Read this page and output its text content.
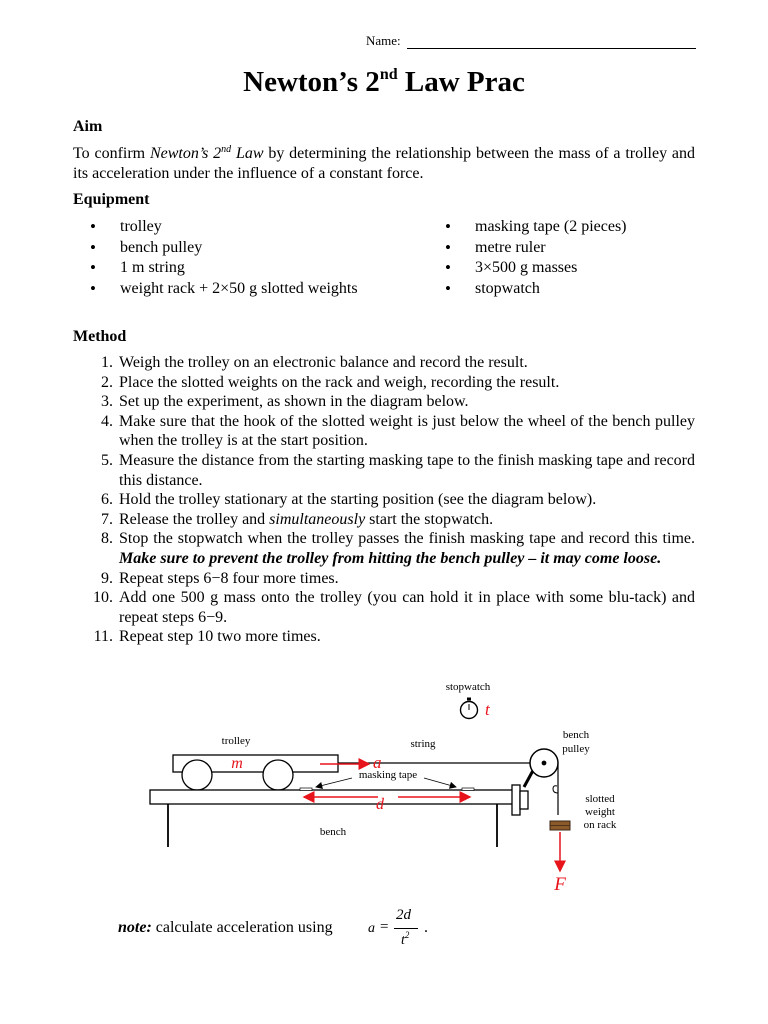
Name:
Newton’s 2nd Law Prac
Aim
To confirm Newton’s 2nd Law by determining the relationship between the mass of a trolley and its acceleration under the influence of a constant force.
Equipment
• trolley
• bench pulley
• 1 m string
• weight rack + 2×50 g slotted weights
• masking tape (2 pieces)
• metre ruler
• 3×500 g masses
• stopwatch
Method
1. Weigh the trolley on an electronic balance and record the result.
2. Place the slotted weights on the rack and weigh, recording the result.
3. Set up the experiment, as shown in the diagram below.
4. Make sure that the hook of the slotted weight is just below the wheel of the bench pulley when the trolley is at the start position.
5. Measure the distance from the starting masking tape to the finish masking tape and record this distance.
6. Hold the trolley stationary at the starting position (see the diagram below).
7. Release the trolley and simultaneously start the stopwatch.
8. Stop the stopwatch when the trolley passes the finish masking tape and record this time. Make sure to prevent the trolley from hitting the bench pulley – it may come loose.
9. Repeat steps 6−8 four more times.
10. Add one 500 g mass onto the trolley (you can hold it in place with some blu-tack) and repeat steps 6−9.
11. Repeat step 10 two more times.
stopwatch
t
trolley	string
bench
pulley
m	a
masking tape
d
bench
slotted
weight
on rack
F
note: calculate acceleration using	a =
2d
$t^2$ .
